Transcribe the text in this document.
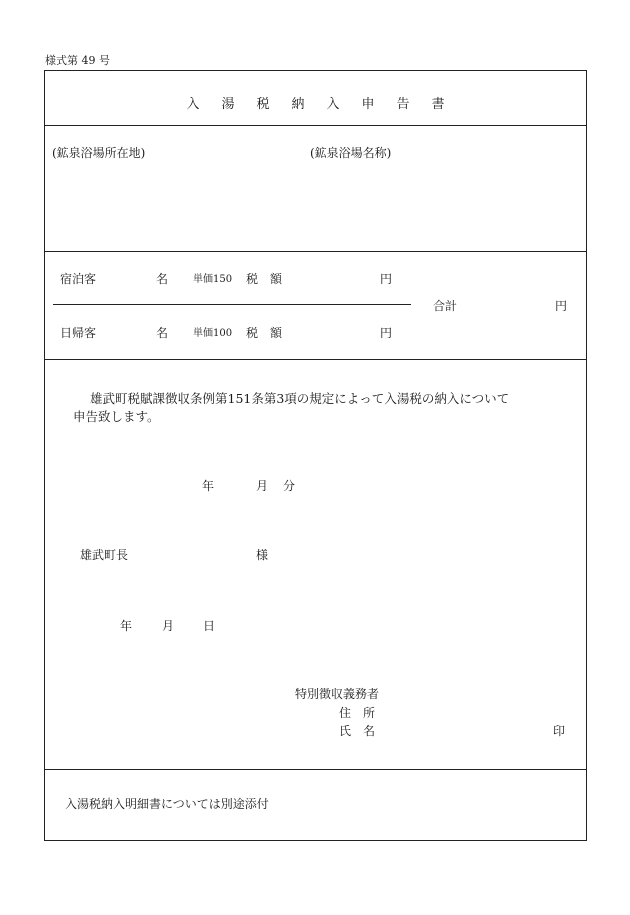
様式第 49 号
入湯税納入申告書
(鉱泉浴場所在地)	(鉱泉浴場名称)
宿泊客	名 単価150 税　額	円
合計	円
日帰客	名 単価100 税　額	円
雄武町税賦課徴収条例第151条第3項の規定によって入湯税の納入について
申告致します。
年	月 分
雄武町長	様
年 月 日
特別徴収義務者
住　所
氏　名	印
入湯税納入明細書については別途添付
